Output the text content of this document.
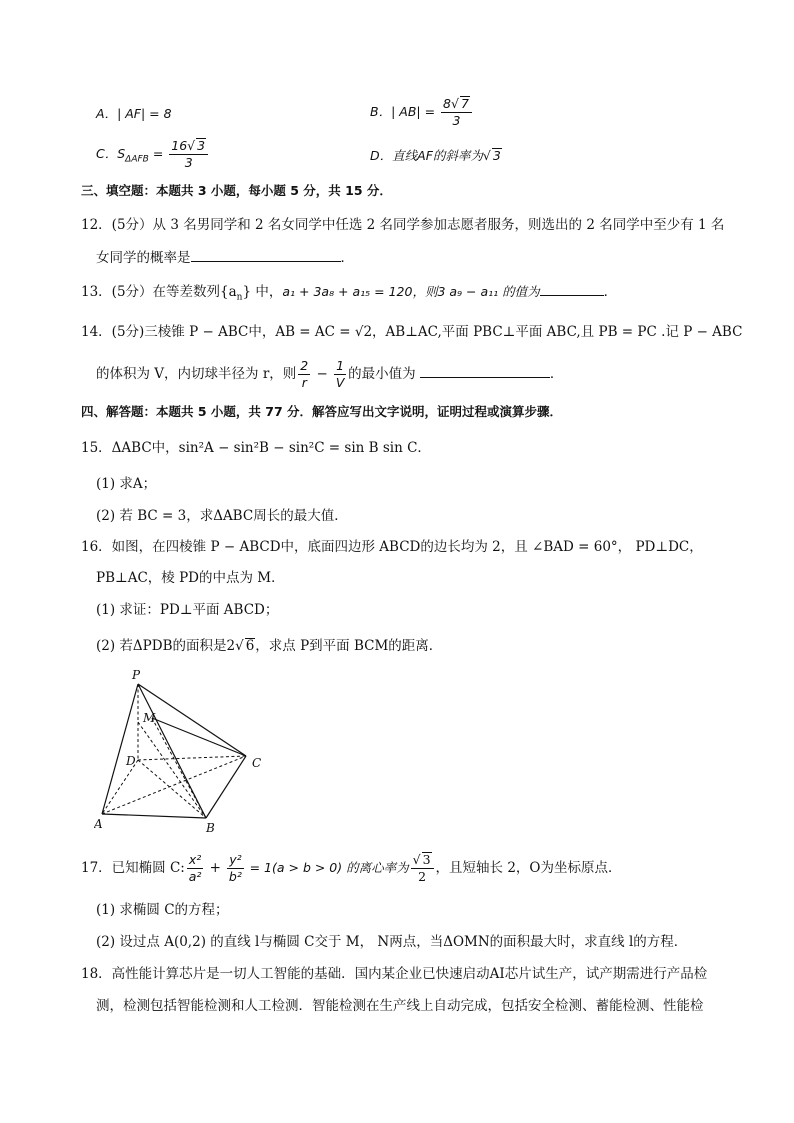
A．| AF| = 8	B．| $AB| = \frac{8√ 7}{3}$
C．$S_{\Delta AFB} = \frac{16√ 3}{3}$	D．直线AF的斜率为√ 3
三、填空题：本题共 3 小题，每小题 5 分，共 15 分．
12．(5分）从 3 名男同学和 2 名女同学中任选 2 名同学参加志愿者服务，则选出的 2 名同学中至少有 1 名
女同学的概率是	．
13．(5分）在等差数列$\{a_n\}$ 中，a₁ + 3a₈ + a₁₅ = 120，则3 a₉ − a₁₁ 的值为	．
14．(5分)三棱锥 P − ABC中，AB = AC = √2，AB⊥AC,平面 PBC⊥平面 ABC,且 PB = PC .记 P − ABC
的体积为 V，内切球半径为 r，则 $\frac{2}{r} - \frac{1}{V}$ 的最小值为	．
四、解答题：本题共 5 小题，共 77 分．解答应写出文字说明，证明过程或演算步骤．
15．ΔABC中，sin²A − sin²B − sin²C = sin B sin C．
(1) 求A；
(2) 若 BC = 3，求ΔABC周长的最大值．
16．如图，在四棱锥 P − ABCD中，底面四边形 ABCD的边长均为 2，且 ∠BAD = 60°， PD⊥DC，
PB⊥AC，棱 PD的中点为 M．
(1) 求证：PD⊥平面 ABCD；
(2) 若ΔPDB的面积是2√ 6，求点 P到平面 BCM的距离．
P
M
D	C
A	B
17．已知椭圆 C: $\frac{\text{x²}}{\text{a²}} + \frac{\text{y²}}{\text{b²}} = 1(a > b > 0)$ 的离心率为 $\frac{√ 3}{2}$ ，且短轴长 2，O为坐标原点．
(1) 求椭圆 C的方程；
(2) 设过点 A(0,2) 的直线 l与椭圆 C交于 M， N两点，当ΔOMN的面积最大时，求直线 l的方程．
18．高性能计算芯片是一切人工智能的基础．国内某企业已快速启动AI芯片试生产，试产期需进行产品检
测，检测包括智能检测和人工检测．智能检测在生产线上自动完成，包括安全检测、蓄能检测、性能检
